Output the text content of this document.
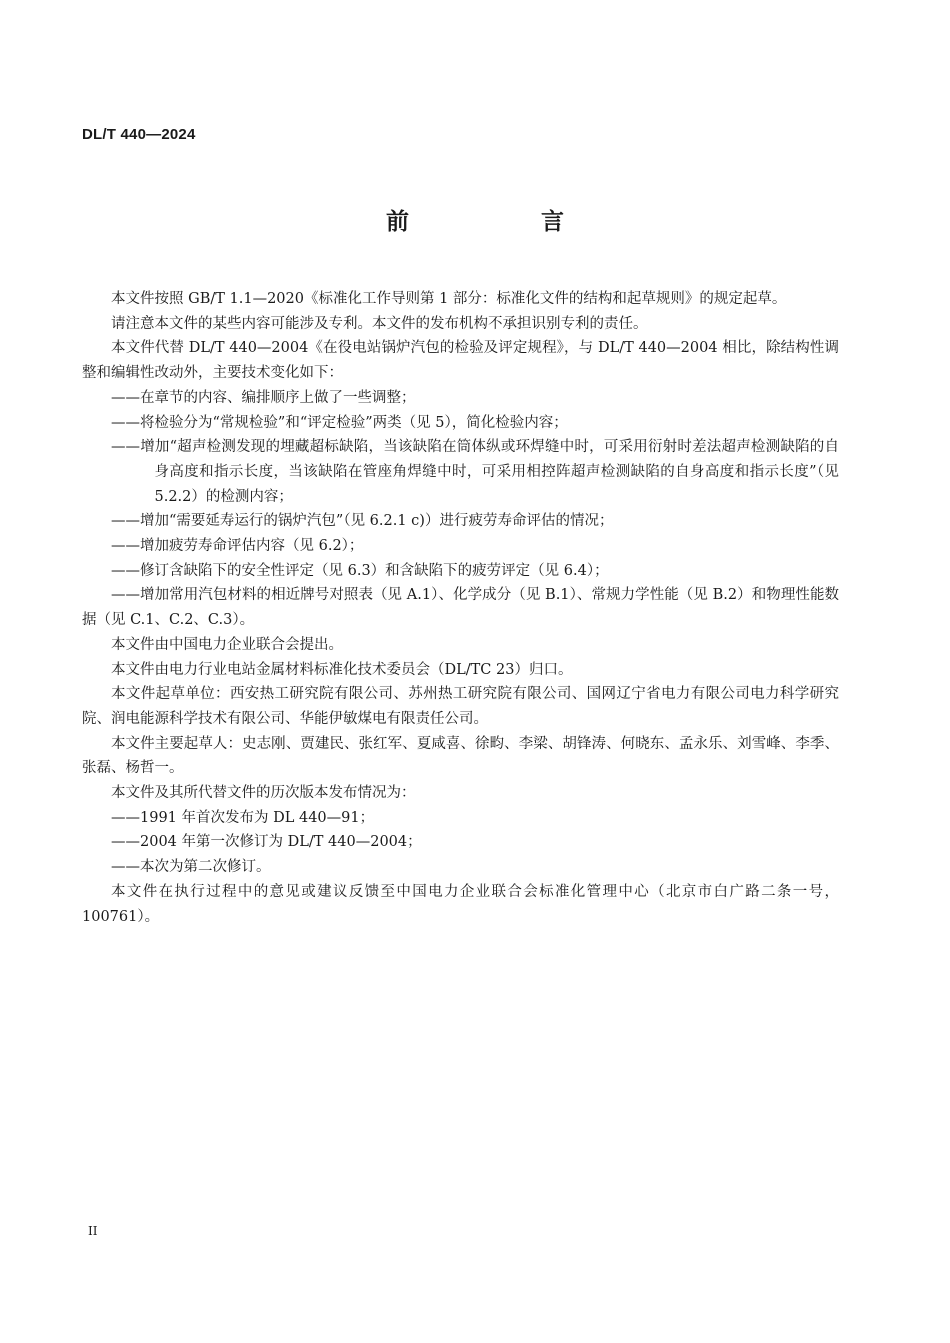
DL/T 440—2024
前 言

本文件按照 GB/T 1.1—2020《标准化工作导则第 1 部分：标准化文件的结构和起草规则》的规定起草。

请注意本文件的某些内容可能涉及专利。本文件的发布机构不承担识别专利的责任。

本文件代替 DL/T 440—2004《在役电站锅炉汽包的检验及评定规程》，与 DL/T 440—2004 相比，除结构性调整和编辑性改动外，主要技术变化如下：

——在章节的内容、编排顺序上做了一些调整；

——将检验分为“常规检验”和“评定检验”两类（见 5），简化检验内容；

——增加“超声检测发现的埋藏超标缺陷，当该缺陷在筒体纵或环焊缝中时，可采用衍射时差法超声检测缺陷的自身高度和指示长度，当该缺陷在管座角焊缝中时，可采用相控阵超声检测缺陷的自身高度和指示长度”（见 5.2.2）的检测内容；

——增加“需要延寿运行的锅炉汽包”（见 6.2.1 c)）进行疲劳寿命评估的情况；

——增加疲劳寿命评估内容（见 6.2）；

——修订含缺陷下的安全性评定（见 6.3）和含缺陷下的疲劳评定（见 6.4）；

——增加常用汽包材料的相近牌号对照表（见 A.1）、化学成分（见 B.1）、常规力学性能（见 B.2）和物理性能数据（见 C.1、C.2、C.3）。

本文件由中国电力企业联合会提出。

本文件由电力行业电站金属材料标准化技术委员会（DL/TC 23）归口。

本文件起草单位：西安热工研究院有限公司、苏州热工研究院有限公司、国网辽宁省电力有限公司电力科学研究院、润电能源科学技术有限公司、华能伊敏煤电有限责任公司。

本文件主要起草人：史志刚、贾建民、张红军、夏咸喜、徐畇、李梁、胡锋涛、何晓东、孟永乐、刘雪峰、李季、张磊、杨哲一。

本文件及其所代替文件的历次版本发布情况为：

——1991 年首次发布为 DL 440—91；

——2004 年第一次修订为 DL/T 440—2004；

——本次为第二次修订。

本文件在执行过程中的意见或建议反馈至中国电力企业联合会标准化管理中心（北京市白广路二条一号，100761）。

II
